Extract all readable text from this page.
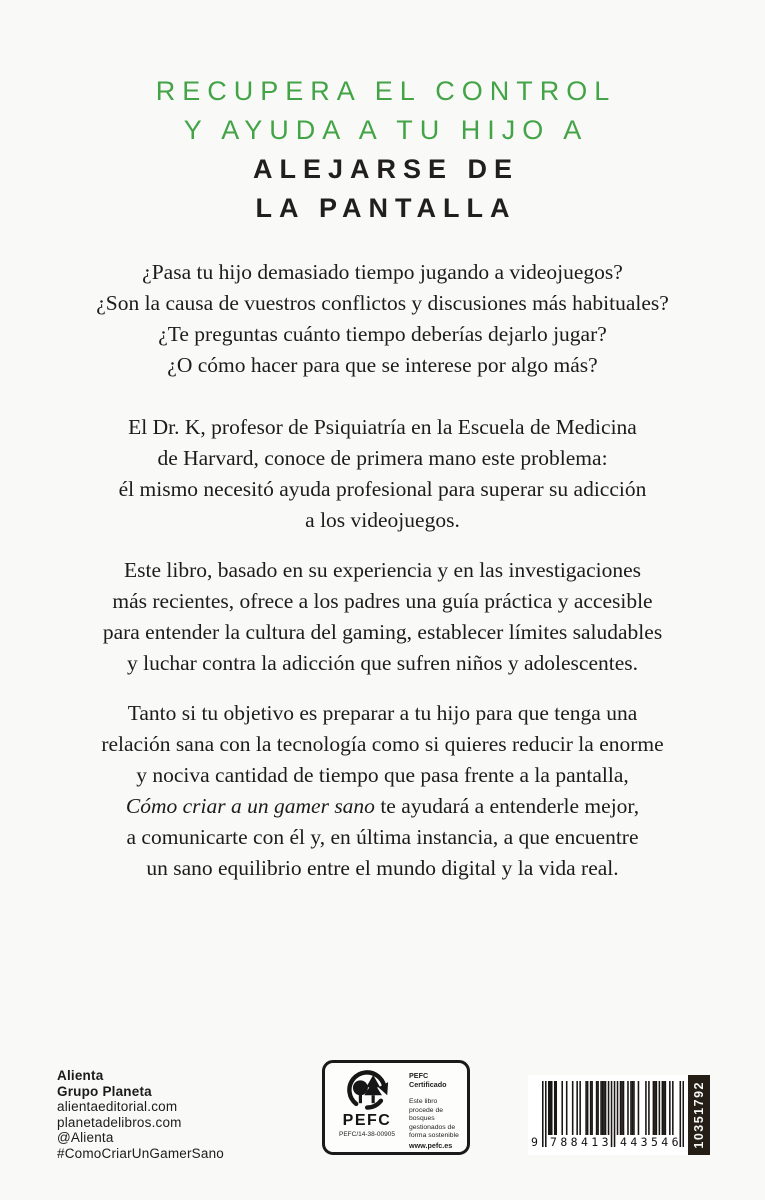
RECUPERA EL CONTROL
Y AYUDA A TU HIJO A
ALEJARSE DE
LA PANTALLA

¿Pasa tu hijo demasiado tiempo jugando a videojuegos?
¿Son la causa de vuestros conflictos y discusiones más habituales?
¿Te preguntas cuánto tiempo deberías dejarlo jugar?
¿O cómo hacer para que se interese por algo más?

El Dr. K, profesor de Psiquiatría en la Escuela de Medicina
de Harvard, conoce de primera mano este problema:
él mismo necesitó ayuda profesional para superar su adicción
a los videojuegos.

Este libro, basado en su experiencia y en las investigaciones
más recientes, ofrece a los padres una guía práctica y accesible
para entender la cultura del gaming, establecer límites saludables
y luchar contra la adicción que sufren niños y adolescentes.

Tanto si tu objetivo es preparar a tu hijo para que tenga una
relación sana con la tecnología como si quieres reducir la enorme
y nociva cantidad de tiempo que pasa frente a la pantalla,
Cómo criar a un gamer sano te ayudará a entenderle mejor,
a comunicarte con él y, en última instancia, a que encuentre
un sano equilibrio entre el mundo digital y la vida real.

Alienta
Grupo Planeta
alientaeditorial.com
planetadelibros.com
@Alienta
#ComoCriarUnGamerSano
PEFC
PEFC/14-38-00905
PEFC Certificado
Este libro procede de bosques gestionados de forma sostenible
www.pefc.es	9 788413 443546 10351792
